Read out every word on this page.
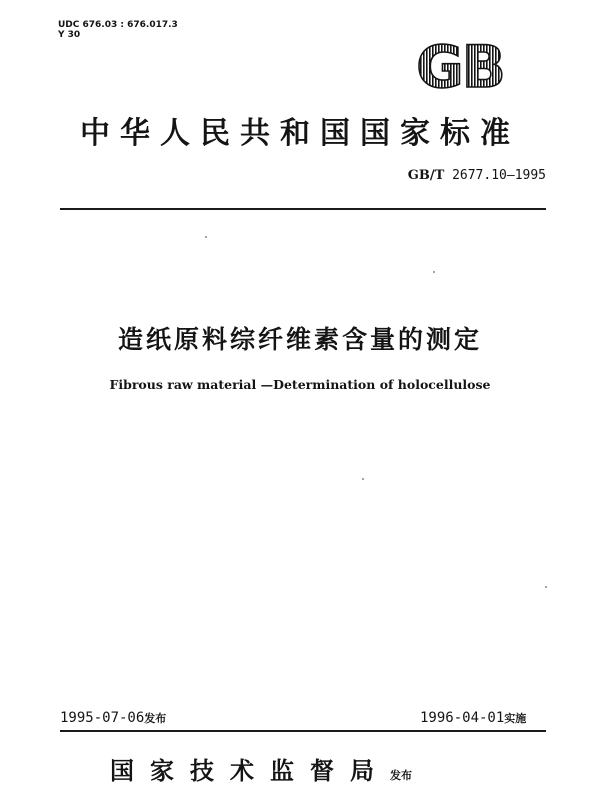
UDC 676.03 : 676.017.3
Y 30	GB
中华人民共和国国家标准
GB/T 2677.10—1995
造纸原料综纤维素含量的测定
Fibrous raw material —Determination of holocellulose
1995-07-06发布	1996-04-01实施
国家技术监督局发布
